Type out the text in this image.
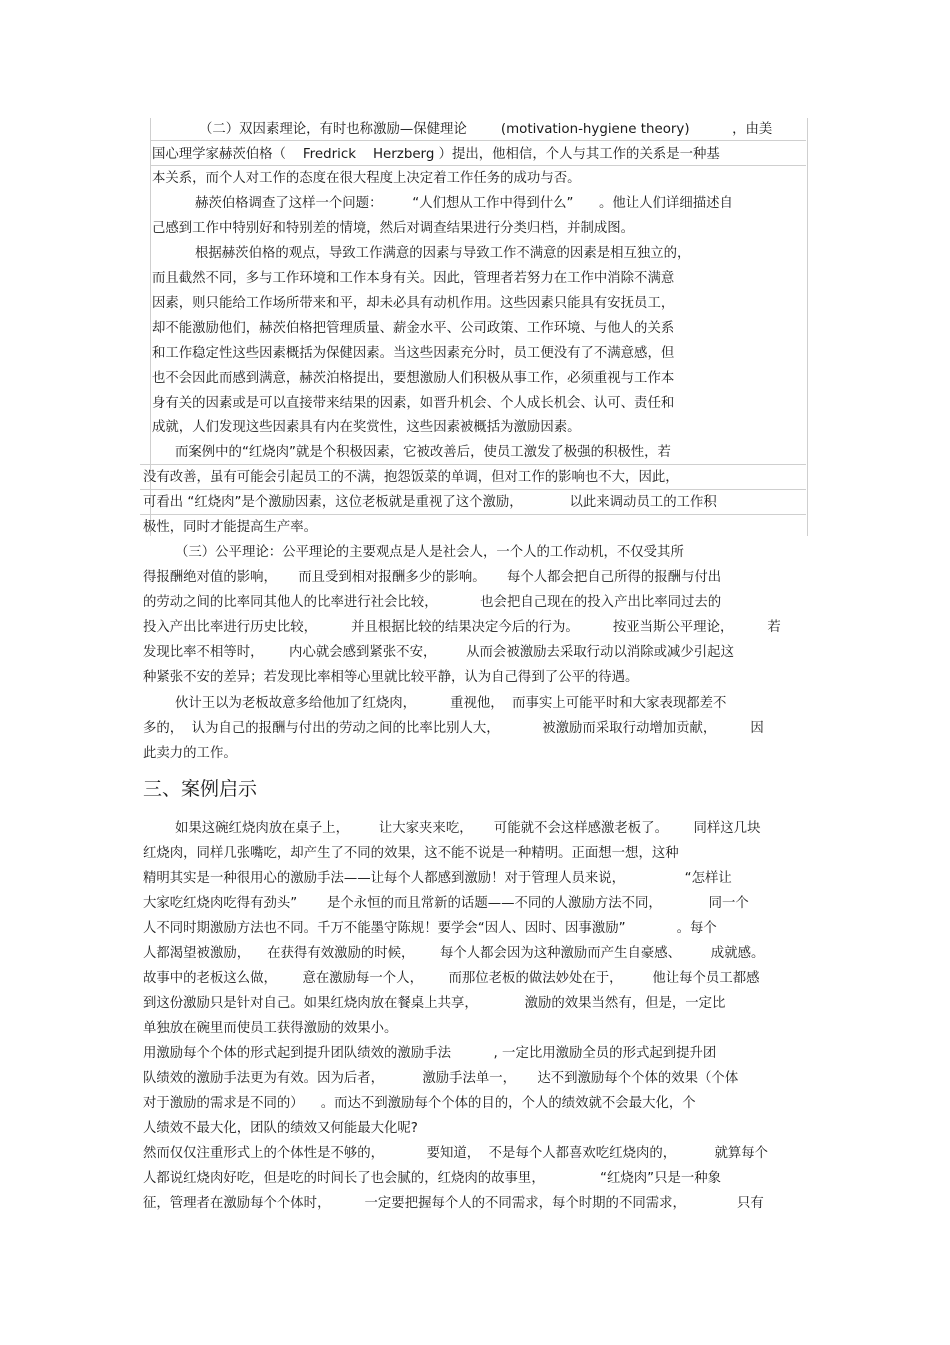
（二）双因素理论，有时也称激励—保健理论        (motivation-hygiene theory)          ，由美
国心理学家赫茨伯格（    Fredrick    Herzberg ）提出，他相信，个人与其工作的关系是一种基
本关系，而个人对工作的态度在很大程度上决定着工作任务的成功与否。
赫茨伯格调查了这样一个问题：       “人们想从工作中得到什么”      。他让人们详细描述自
己感到工作中特别好和特别差的情境，然后对调查结果进行分类归档，并制成图。
根据赫茨伯格的观点，导致工作满意的因素与导致工作不满意的因素是相互独立的，
而且截然不同，多与工作环境和工作本身有关。因此，管理者若努力在工作中消除不满意
因素，则只能给工作场所带来和平，却未必具有动机作用。这些因素只能具有安抚员工，
却不能激励他们，赫茨伯格把管理质量、薪金水平、公司政策、工作环境、与他人的关系
和工作稳定性这些因素概括为保健因素。当这些因素充分时，员工便没有了不满意感，但
也不会因此而感到满意，赫茨泊格提出，要想激励人们积极从事工作，必须重视与工作本
身有关的因素或是可以直接带来结果的因素，如晋升机会、个人成长机会、认可、责任和
成就，人们发现这些因素具有内在奖赏性，这些因素被概括为激励因素。
而案例中的“红烧肉”就是个积极因素，它被改善后，使员工激发了极强的积极性，若
没有改善，虽有可能会引起员工的不满，抱怨饭菜的单调，但对工作的影响也不大，因此，
可看出 “红烧肉”是个激励因素，这位老板就是重视了这个激励，           以此来调动员工的工作积
极性，同时才能提高生产率。
（三）公平理论：公平理论的主要观点是人是社会人，一个人的工作动机，不仅受其所
得报酬绝对值的影响，     而且受到相对报酬多少的影响。     每个人都会把自己所得的报酬与付出
的劳动之间的比率同其他人的比率进行社会比较，          也会把自己现在的投入产出比率同过去的
投入产出比率进行历史比较，        并且根据比较的结果决定今后的行为。        按亚当斯公平理论，        若
发现比率不相等时，      内心就会感到紧张不安，       从而会被激励去采取行动以消除或减少引起这
种紧张不安的差异；若发现比率相等心里就比较平静，认为自己得到了公平的待遇。
伙计王以为老板故意多给他加了红烧肉，        重视他，  而事实上可能平时和大家表现都差不
多的，  认为自己的报酬与付出的劳动之间的比率比别人大，          被激励而采取行动增加贡献，        因
此卖力的工作。
三、案例启示
如果这碗红烧肉放在桌子上，       让大家夹来吃，     可能就不会这样感激老板了。      同样这几块
红烧肉，同样几张嘴吃，却产生了不同的效果，这不能不说是一种精明。正面想一想，这种
精明其实是一种很用心的激励手法——让每个人都感到激励！对于管理人员来说，              “怎样让
大家吃红烧肉吃得有劲头”       是个永恒的而且常新的话题——不同的人激励方法不同，           同一个
人不同时期激励方法也不同。千万不能墨守陈规！要学会“因人、因时、因事激励”            。每个
人都渴望被激励，    在获得有效激励的时候，      每个人都会因为这种激励而产生自豪感、       成就感。
故事中的老板这么做，      意在激励每一个人，      而那位老板的做法妙处在于，       他让每个员工都感
到这份激励只是针对自己。如果红烧肉放在餐桌上共享，           激励的效果当然有，但是，一定比
单独放在碗里而使员工获得激励的效果小。
用激励每个个体的形式起到提升团队绩效的激励手法          , 一定比用激励全员的形式起到提升团
队绩效的激励手法更为有效。因为后者，         激励手法单一，     达不到激励每个个体的效果（个体
对于激励的需求是不同的）    。而达不到激励每个个体的目的，个人的绩效就不会最大化，个
人绩效不最大化，团队的绩效又何能最大化呢?
然而仅仅注重形式上的个体性是不够的，          要知道，  不是每个人都喜欢吃红烧肉的，         就算每个
人都说红烧肉好吃，但是吃的时间长了也会腻的，红烧肉的故事里，             “红烧肉”只是一种象
征，管理者在激励每个个体时，        一定要把握每个人的不同需求，每个时期的不同需求，            只有
